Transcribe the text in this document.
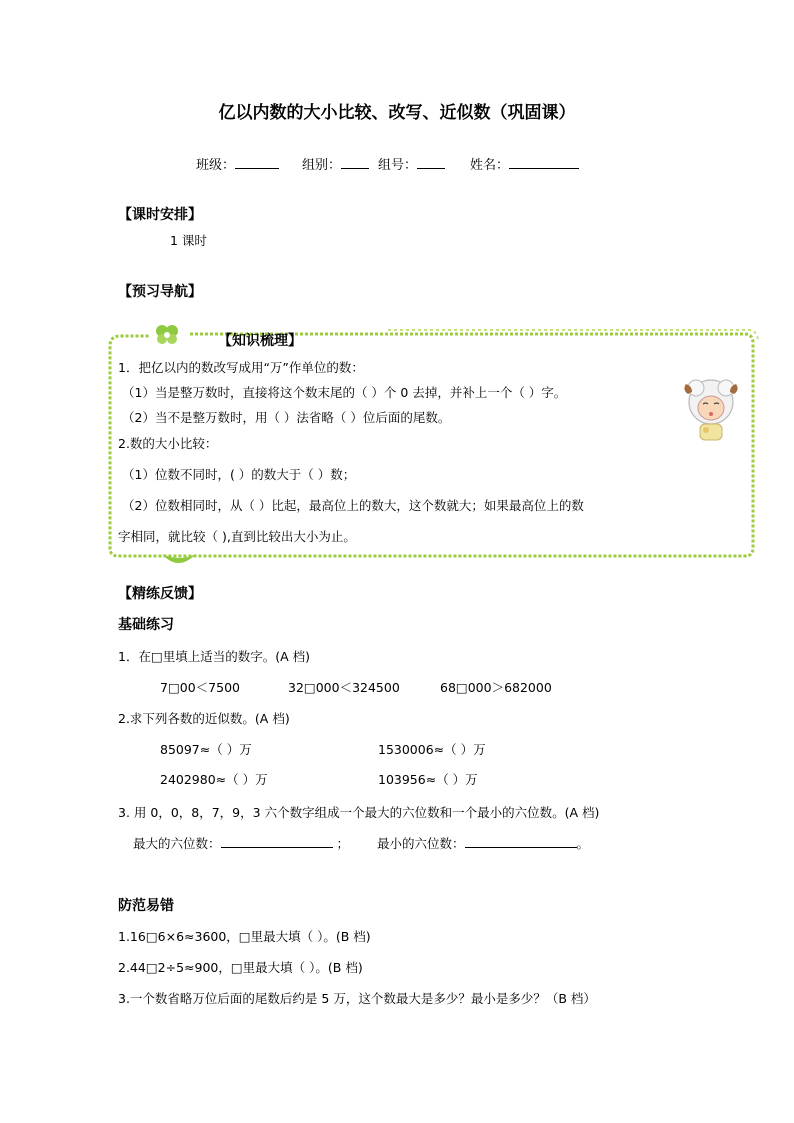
亿以内数的大小比较、改写、近似数（巩固课）
班级：	组别：	组号：	姓名：
【课时安排】
1 课时
【预习导航】
【知识梳理】
1．把亿以内的数改写成用“万”作单位的数：
（1）当是整万数时，直接将这个数末尾的（ ）个 0 去掉，并补上一个（ ）字。
（2）当不是整万数时，用（ ）法省略（ ）位后面的尾数。
2.数的大小比较：
（1）位数不同时，( ）的数大于（ ）数；
（2）位数相同时，从（ ）比起，最高位上的数大，这个数就大；如果最高位上的数
字相同，就比较（ ),直到比较出大小为止。
【精练反馈】
基础练习
1．在□里填上适当的数字。(A 档)
7□00＜7500	32□000＜324500	68□000＞682000
2.求下列各数的近似数。(A 档)
85097≈（ ）万	1530006≈（ ）万
2402980≈（ ）万	103956≈（ ）万
3. 用 0，0，8，7，9，3 六个数字组成一个最大的六位数和一个最小的六位数。(A 档)
最大的六位数：	； 最小的六位数：	。
防范易错
1.16□6×6≈3600，□里最大填（ ）。(B 档)
2.44□2÷5≈900，□里最大填（ ）。(B 档)
3.一个数省略万位后面的尾数后约是 5 万，这个数最大是多少？最小是多少？（B 档）
